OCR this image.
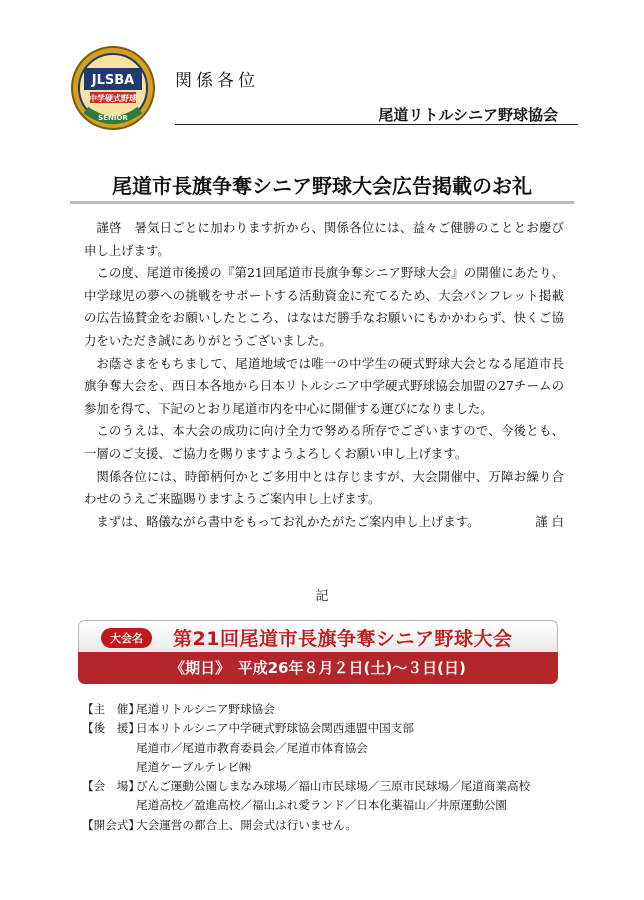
JLSBA
中学硬式野球
SENIOR
関係各位
尾道リトルシニア野球協会
尾道市長旗争奪シニア野球大会広告掲載のお礼

謹啓　暑気日ごとに加わります折から、関係各位には、益々ご健勝のこととお慶び申し上げます。

この度、尾道市後援の『第21回尾道市長旗争奪シニア野球大会』の開催にあたり、中学球児の夢への挑戦をサポートする活動資金に充てるため、大会パンフレット掲載の広告協賛金をお願いしたところ、はなはだ勝手なお願いにもかかわらず、快くご協力をいただき誠にありがとうございました。

お蔭さまをもちまして、尾道地域では唯一の中学生の硬式野球大会となる尾道市長旗争奪大会を、西日本各地から日本リトルシニア中学硬式野球協会加盟の27チームの参加を得て、下記のとおり尾道市内を中心に開催する運びになりました。

このうえは、本大会の成功に向け全力で努める所存でございますので、今後とも、一層のご支援、ご協力を賜りますようよろしくお願い申し上げます。

関係各位には、時節柄何かとご多用中とは存じますが、大会開催中、万障お繰り合わせのうえご来臨賜りますようご案内申し上げます。

まずは、略儀ながら書中をもってお礼かたがたご案内申し上げます。	謹 白

記
大会名	第21回尾道市長旗争奪シニア野球大会
《期日》　平成26年８月２日(土)～３日(日)
【主　催】
尾道リトルシニア野球協会
【後　援】
日本リトルシニア中学硬式野球協会関西連盟中国支部
尾道市／尾道市教育委員会／尾道市体育協会
尾道ケーブルテレビ㈱
【会　場】
びんご運動公園しまなみ球場／福山市民球場／三原市民球場／尾道商業高校
尾道高校／盈進高校／福山ふれ愛ランド／日本化薬福山／井原運動公園
【開会式】
大会運営の都合上、開会式は行いません。
